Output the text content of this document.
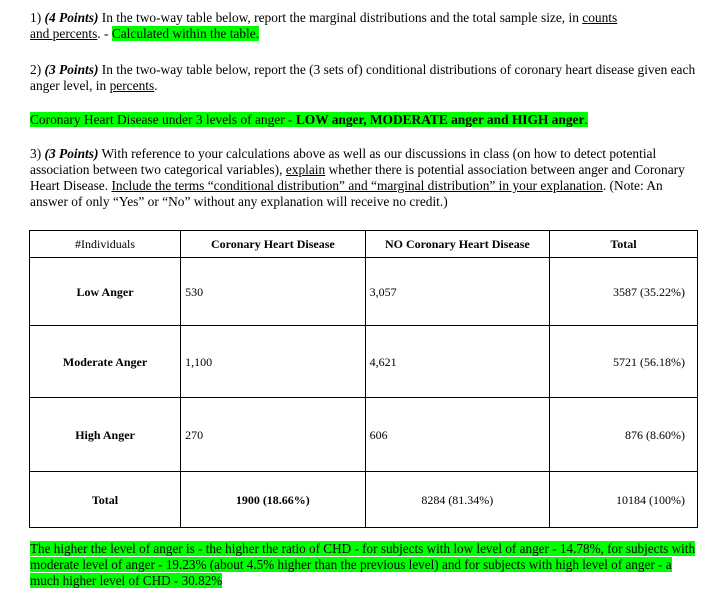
1) (4 Points) In the two-way table below, report the marginal distributions and the total sample size, in counts
and percents. - Calculated within the table.

2) (3 Points) In the two-way table below, report the (3 sets of) conditional distributions of coronary heart disease given each anger level, in percents.

Coronary Heart Disease under 3 levels of anger - LOW anger, MODERATE anger and HIGH anger.

3) (3 Points) With reference to your calculations above as well as our discussions in class (on how to detect potential association between two categorical variables), explain whether there is potential association between anger and Coronary Heart Disease. Include the terms “conditional distribution” and “marginal distribution” in your explanation. (Note: An answer of only “Yes” or “No” without any explanation will receive no credit.)

#Individuals	Coronary Heart Disease	NO Coronary Heart Disease	Total
Low Anger	530	3,057	3587 (35.22%)
Moderate Anger	1,100	4,621	5721 (56.18%)
High Anger	270	606	876 (8.60%)
Total	1900 (18.66%)	8284 (81.34%)	10184 (100%)

The higher the level of anger is - the higher the ratio of CHD - for subjects with low level of anger - 14.78%, for subjects with moderate level of anger - 19.23% (about 4.5% higher than the previous level) and for subjects with high level of anger - a much higher level of CHD - 30.82%
